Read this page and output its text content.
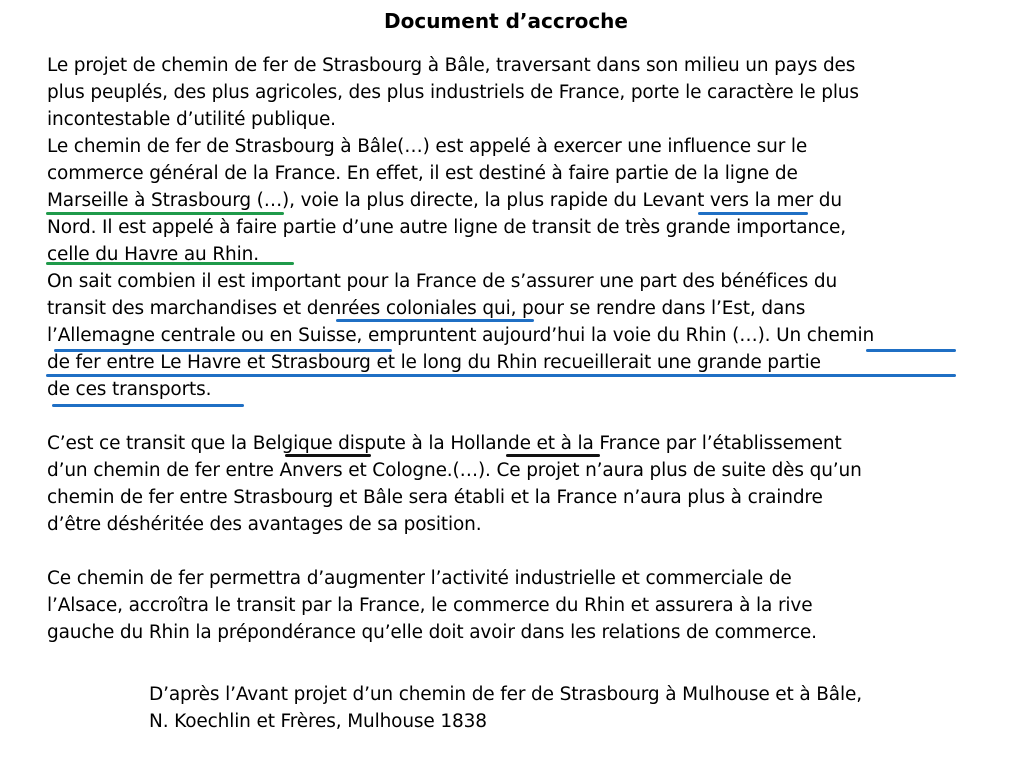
Document d’accroche
Le projet de chemin de fer de Strasbourg à Bâle, traversant dans son milieu un pays des
plus peuplés, des plus agricoles, des plus industriels de France, porte le caractère le plus
incontestable d’utilité publique.
Le chemin de fer de Strasbourg à Bâle(…) est appelé à exercer une influence sur le
commerce général de la France. En effet, il est destiné à faire partie de la ligne de
Marseille à Strasbourg (…), voie la plus directe, la plus rapide du Levant vers la mer du
Nord. Il est appelé à faire partie d’une autre ligne de transit de très grande importance,
celle du Havre au Rhin.
On sait combien il est important pour la France de s’assurer une part des bénéfices du
transit des marchandises et denrées coloniales qui, pour se rendre dans l’Est, dans
l’Allemagne centrale ou en Suisse, empruntent aujourd’hui la voie du Rhin (…). Un chemin
de fer entre Le Havre et Strasbourg et le long du Rhin recueillerait une grande partie
de ces transports.
C’est ce transit que la Belgique dispute à la Hollande et à la France par l’établissement
d’un chemin de fer entre Anvers et Cologne.(…). Ce projet n’aura plus de suite dès qu’un
chemin de fer entre Strasbourg et Bâle sera établi et la France n’aura plus à craindre
d’être déshéritée des avantages de sa position.
Ce chemin de fer permettra d’augmenter l’activité industrielle et commerciale de
l’Alsace, accroîtra le transit par la France, le commerce du Rhin et assurera à la rive
gauche du Rhin la prépondérance qu’elle doit avoir dans les relations de commerce.
D’après l’Avant projet d’un chemin de fer de Strasbourg à Mulhouse et à Bâle,
N. Koechlin et Frères, Mulhouse 1838
